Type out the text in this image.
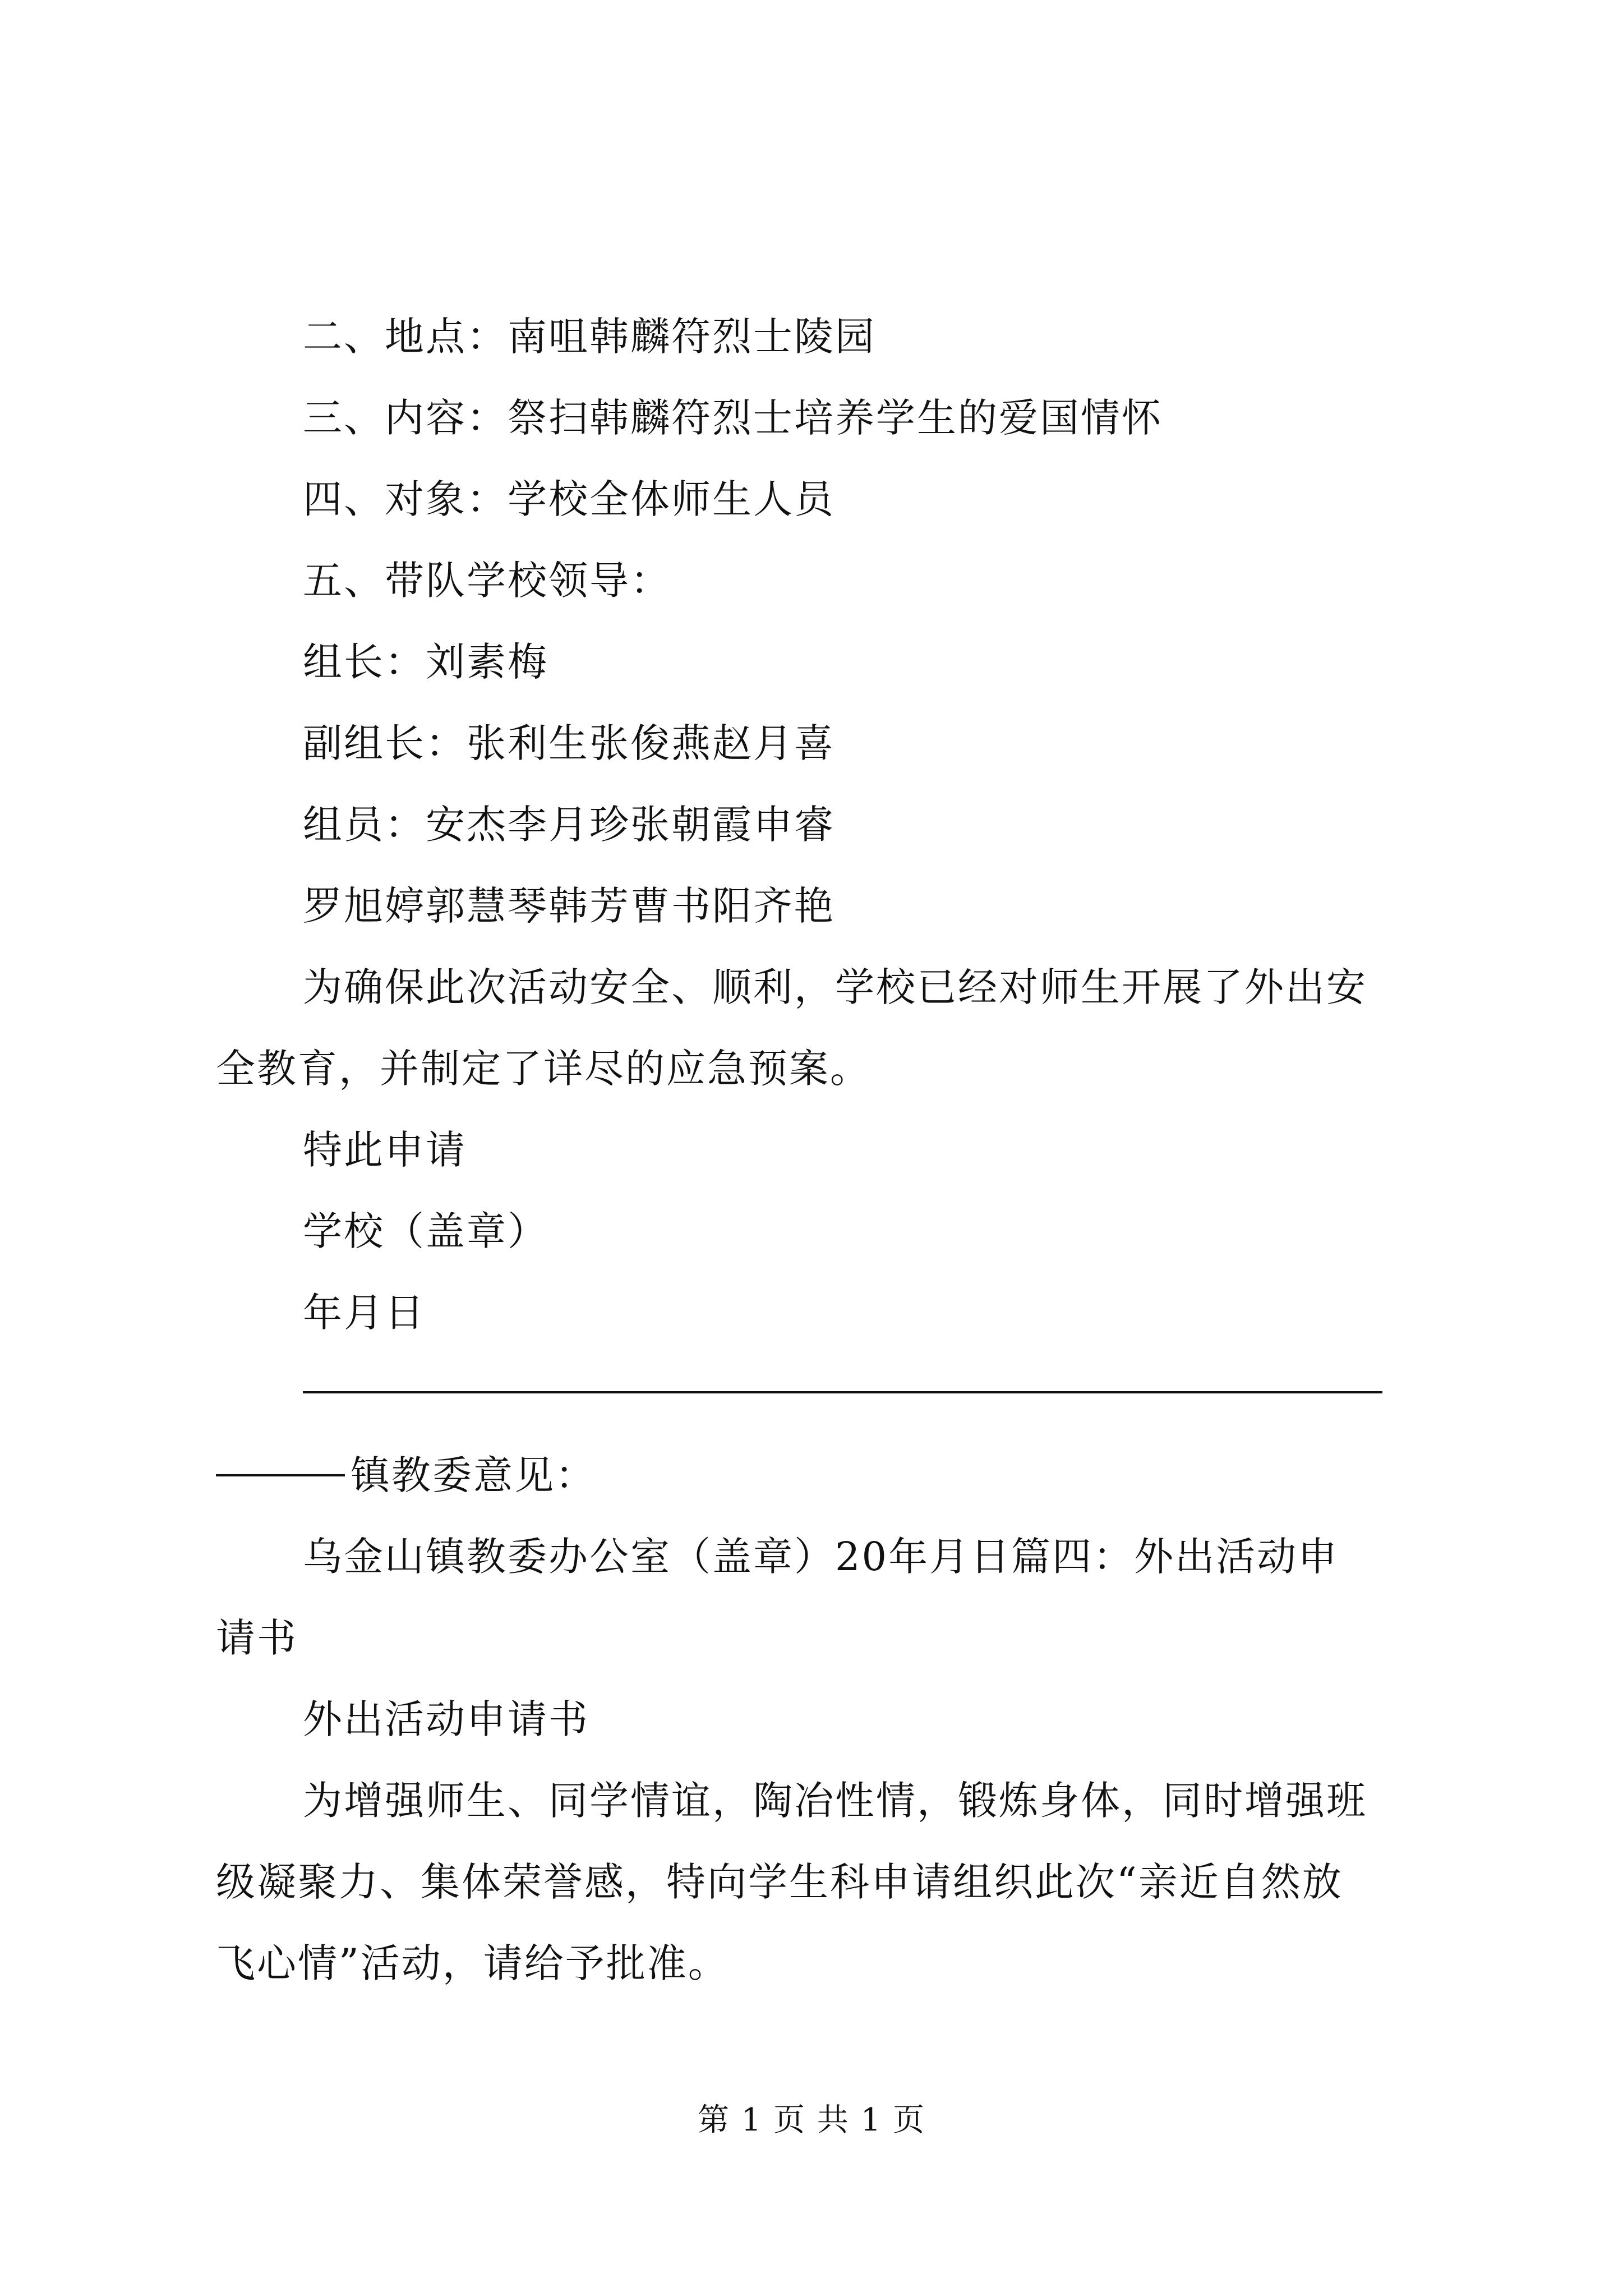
二、地点：南咀韩麟符烈士陵园
三、内容：祭扫韩麟符烈士培养学生的爱国情怀
四、对象：学校全体师生人员
五、带队学校领导：
组长：刘素梅
副组长：张利生张俊燕赵月喜
组员：安杰李月珍张朝霞申睿
罗旭婷郭慧琴韩芳曹书阳齐艳
为确保此次活动安全、顺利，学校已经对师生开展了外出安
全教育，并制定了详尽的应急预案。
特此申请
学校（盖章）
年月日
镇教委意见：
乌金山镇教委办公室（盖章）20年月日篇四：外出活动申
请书
外出活动申请书
为增强师生、同学情谊，陶冶性情，锻炼身体，同时增强班
级凝聚力、集体荣誉感，特向学生科申请组织此次“亲近自然放
飞心情”活动，请给予批准。
第 1 页 共 1 页
